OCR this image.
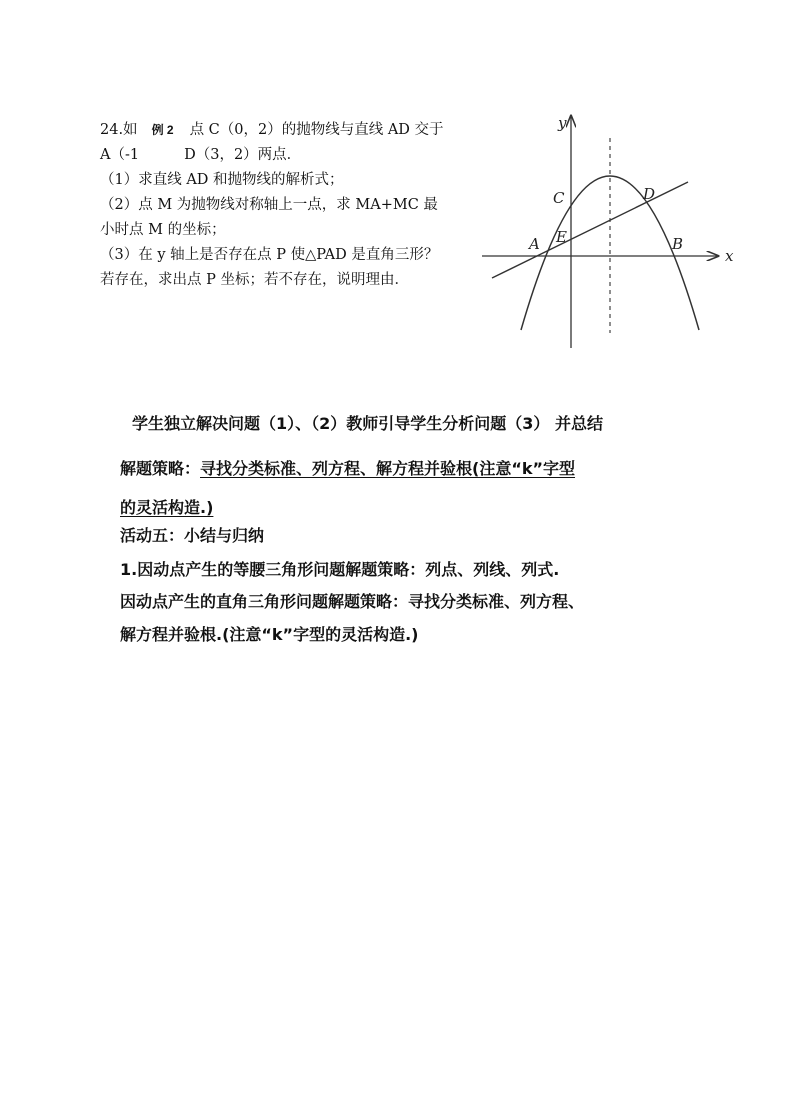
24.如 例 2 点 C（0，2）的抛物线与直线 AD 交于
A（-1	D（3，2）两点．
（1）求直线 AD 和抛物线的解析式；
（2）点 M 为抛物线对称轴上一点，求 MA+MC 最
小时点 M 的坐标；
（3）在 y 轴上是否存在点 P 使△PAD 是直角三形？
若存在，求出点 P 坐标；若不存在，说明理由．
y
x
C	D
A E	B
学生独立解决问题（1）、（2）教师引导学生分析问题（3） 并总结
解题策略：寻找分类标准、列方程、解方程并验根(注意“k”字型
的灵活构造.)
活动五：小结与归纳
1.因动点产生的等腰三角形问题解题策略：列点、列线、列式.
因动点产生的直角三角形问题解题策略：寻找分类标准、列方程、
解方程并验根.(注意“k”字型的灵活构造.)
